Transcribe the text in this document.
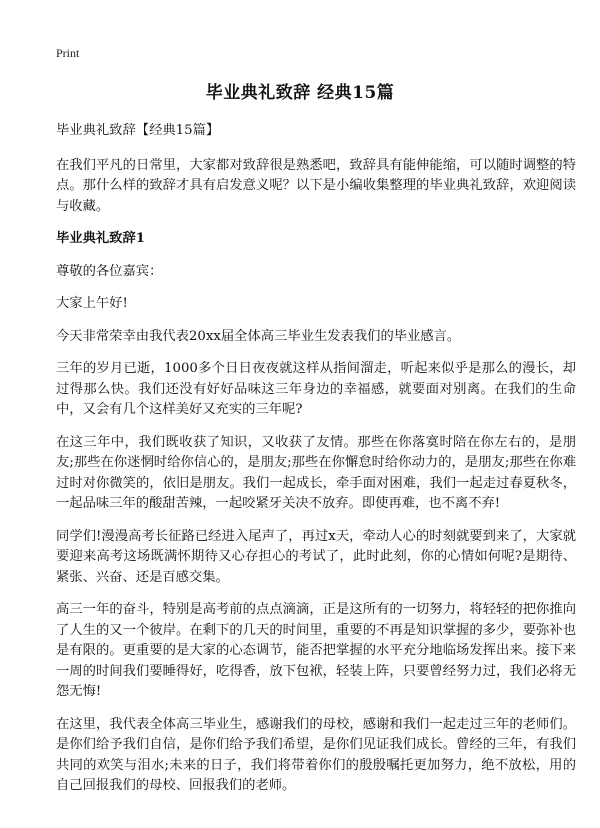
Print
毕业典礼致辞 经典15篇

毕业典礼致辞【经典15篇】

在我们平凡的日常里，大家都对致辞很是熟悉吧，致辞具有能伸能缩，可以随时调整的特点。那什么样的致辞才具有启发意义呢？以下是小编收集整理的毕业典礼致辞，欢迎阅读与收藏。

毕业典礼致辞1

尊敬的各位嘉宾：

大家上午好!

今天非常荣幸由我代表20xx届全体高三毕业生发表我们的毕业感言。

三年的岁月已逝，1000多个日日夜夜就这样从指间溜走，听起来似乎是那么的漫长，却过得那么快。我们还没有好好品味这三年身边的幸福感，就要面对别离。在我们的生命中，又会有几个这样美好又充实的三年呢?

在这三年中，我们既收获了知识，又收获了友情。那些在你落寞时陪在你左右的，是朋友;那些在你迷惘时给你信心的，是朋友;那些在你懈怠时给你动力的，是朋友;那些在你难过时对你微笑的，依旧是朋友。我们一起成长，牵手面对困难，我们一起走过春夏秋冬，一起品味三年的酸甜苦辣，一起咬紧牙关决不放弃。即使再难，也不离不弃!

同学们!漫漫高考长征路已经进入尾声了，再过x天，牵动人心的时刻就要到来了，大家就要迎来高考这场既满怀期待又心存担心的考试了，此时此刻，你的心情如何呢?是期待、紧张、兴奋、还是百感交集。

高三一年的奋斗，特别是高考前的点点滴滴，正是这所有的一切努力，将轻轻的把你推向了人生的又一个彼岸。在剩下的几天的时间里，重要的不再是知识掌握的多少，要弥补也是有限的。更重要的是大家的心态调节，能否把掌握的水平充分地临场发挥出来。接下来一周的时间我们要睡得好，吃得香，放下包袱，轻装上阵，只要曾经努力过，我们必将无怨无悔!

在这里，我代表全体高三毕业生，感谢我们的母校，感谢和我们一起走过三年的老师们。是你们给予我们自信，是你们给予我们希望，是你们见证我们成长。曾经的三年，有我们共同的欢笑与泪水;未来的日子，我们将带着你们的殷殷嘱托更加努力，绝不放松，用的自己回报我们的母校、回报我们的老师。
